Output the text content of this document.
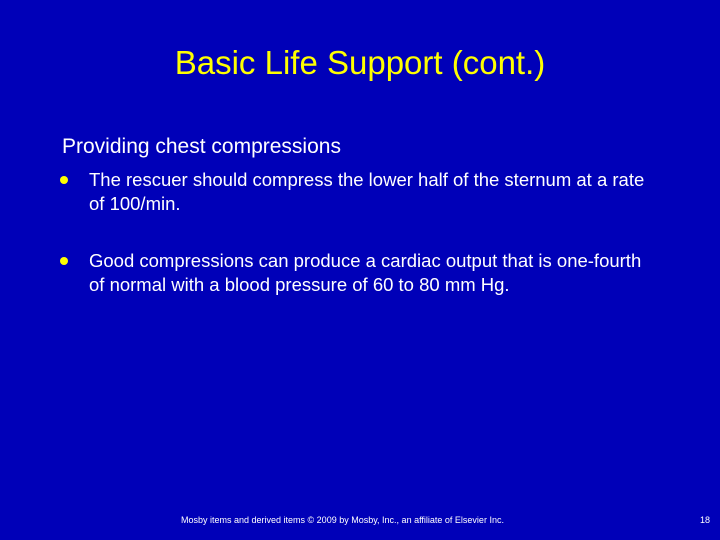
Basic Life Support (cont.)
Providing chest compressions
The rescuer should compress the lower half of the sternum at a rate of 100/min.
Good compressions can produce a cardiac output that is one-fourth of normal with a blood pressure of 60 to 80 mm Hg.
Mosby items and derived items © 2009 by Mosby, Inc., an affiliate of Elsevier Inc.	18
